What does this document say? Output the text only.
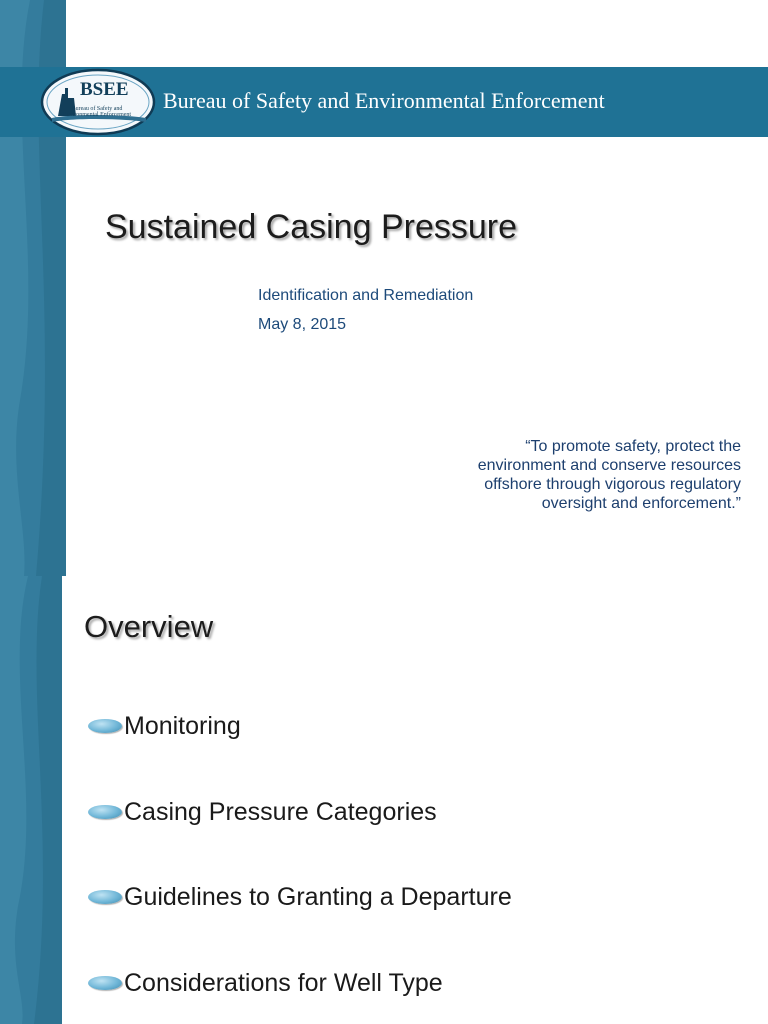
BSEE
Bureau of Safety and Environmental Enforcement
Bureau of Safety and Environmental Enforcement
Sustained Casing Pressure
Identification and Remediation
May 8, 2015
“To promote safety, protect the
environment and conserve resources
offshore through vigorous regulatory
oversight and enforcement.”
Overview
Monitoring
Casing Pressure Categories
Guidelines to Granting a Departure
Considerations for Well Type
